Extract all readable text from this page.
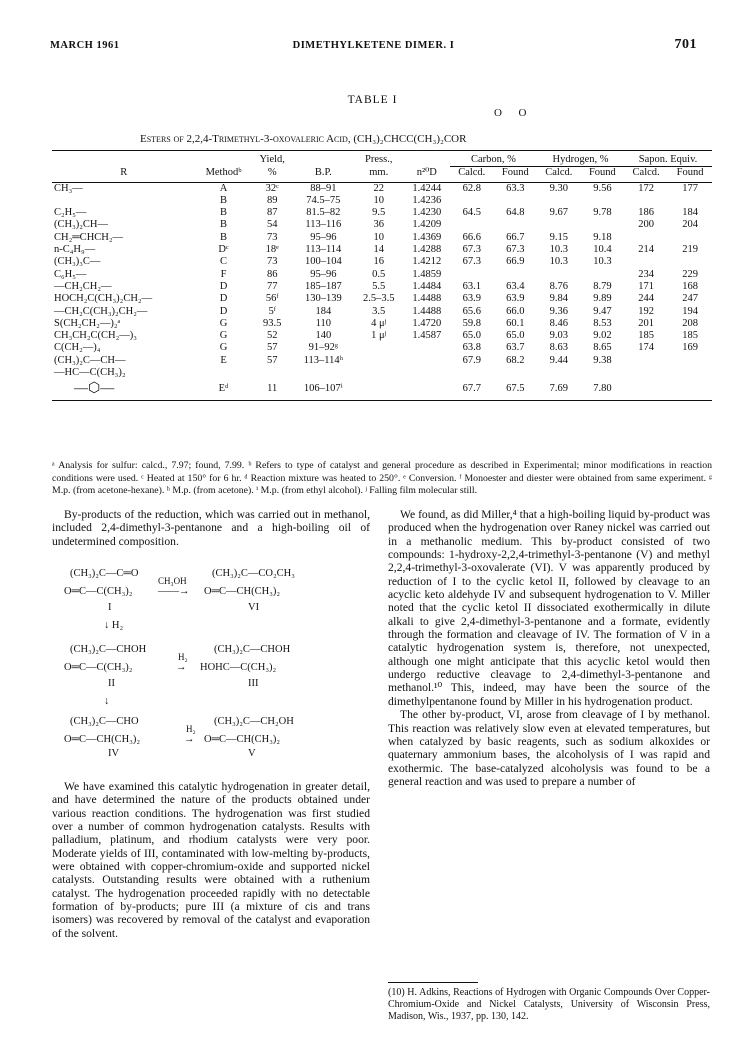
MARCH 1961	DIMETHYLKETENE DIMER. I	701
TABLE I
O      O
Esters of 2,2,4-Trimethyl-3-oxovaleric Acid, (CH₃)₂CHCC(CH₃)₂COR
		Yield,		Press.,		Carbon, %		Hydrogen, %		Sapon. Equiv.	
R	Methodᵇ	%	B.P.	mm.	n²⁰D	Calcd.	Found	Calcd.	Found	Calcd.	Found
CH₃—	A	32ᶜ	88–91	22	1.4244	62.8	63.3	9.30	9.56	172	177
	B	89	74.5–75	10	1.4236						
C₂H₅—	B	87	81.5–82	9.5	1.4230	64.5	64.8	9.67	9.78	186	184
(CH₃)₂CH—	B	54	113–116	36	1.4209					200	204
CH₂═CHCH₂—	B	73	95–96	10	1.4369	66.6	66.7	9.15	9.18		
n-C₄H₉—	Dᶜ	18ᵉ	113–114	14	1.4288	67.3	67.3	10.3	10.4	214	219
(CH₃)₃C—	C	73	100–104	16	1.4212	67.3	66.9	10.3	10.3		
C₆H₅—	F	86	95–96	0.5	1.4859					234	229
—CH₂CH₂—	D	77	185–187	5.5	1.4484	63.1	63.4	8.76	8.79	171	168
HOCH₂C(CH₃)₂CH₂—	D	56ᶠ	130–139	2.5–3.5	1.4488	63.9	63.9	9.84	9.89	244	247
—CH₂C(CH₃)₂CH₂—	D	5ᶠ	184	3.5	1.4488	65.6	66.0	9.36	9.47	192	194
S(CH₂CH₂—)₂ᵃ	G	93.5	110	4 μʲ	1.4720	59.8	60.1	8.46	8.53	201	208
CH₃CH₂C(CH₂—)₃	G	52	140	1 μʲ	1.4587	65.0	65.0	9.03	9.02	185	185
C(CH₂—)₄	G	57	91–92ᵍ			63.8	63.7	8.63	8.65	174	169
(CH₃)₂C—CH—	E	57	113–114ʰ			67.9	68.2	9.44	9.38		
—HC—C(CH₃)₂											

—⬡—	Eᵈ	11	106–107ⁱ			67.7	67.5	7.69	7.80		
ᵃ Analysis for sulfur: calcd., 7.97; found, 7.99. ᵇ Refers to type of catalyst and general procedure as described in Experimental; minor modifications in reaction conditions were used. ᶜ Heated at 150° for 6 hr. ᵈ Reaction mixture was heated to 250°. ᵉ Conversion. ᶠ Monoester and diester were obtained from same experiment. ᵍ M.p. (from acetone-hexane). ʰ M.p. (from acetone). ⁱ M.p. (from ethyl alcohol). ʲ Falling film molecular still.

By-products of the reduction, which was carried out in methanol, included 2,4-dimethyl-3-pentanone and a high-boiling oil of undetermined composition.

We have examined this catalytic hydrogenation in greater detail, and have determined the nature of the products obtained under various reaction conditions. The hydrogenation was first studied over a number of common hydrogenation catalysts. Results with palladium, platinum, and rhodium catalysts were very poor. Moderate yields of III, contaminated with low-melting by-products, were obtained with copper-chromium-oxide and supported nickel catalysts. Outstanding results were obtained with a ruthenium catalyst. The hydrogenation proceeded rapidly with no detectable formation of by-products; pure III (a mixture of cis and trans isomers) was recovered by removal of the catalyst and evaporation of the solvent.

(CH₃)₂C—C═O
O═C—C(CH₃)₂
I
CH₃OH
——→
(CH₃)₂C—CO₂CH₃
O═C—CH(CH₃)₂
VI
↓ H₂
(CH₃)₂C—CHOH
O═C—C(CH₃)₂
II
H₂
→
(CH₃)₂C—CHOH
HOHC—C(CH₃)₂
III
↓
(CH₃)₂C—CHO
O═C—CH(CH₃)₂
IV
H₂
→
(CH₃)₂C—CH₂OH
O═C—CH(CH₃)₂
V

We found, as did Miller,⁴ that a high-boiling liquid by-product was produced when the hydrogenation over Raney nickel was carried out in a methanolic medium. This by-product consisted of two compounds: 1-hydroxy-2,2,4-trimethyl-3-pentanone (V) and methyl 2,2,4-trimethyl-3-oxovalerate (VI). V was apparently produced by reduction of I to the cyclic ketol II, followed by cleavage to an acyclic keto aldehyde IV and subsequent hydrogenation to V. Miller noted that the cyclic ketol II dissociated exothermically in dilute alkali to give 2,4-dimethyl-3-pentanone and a formate, evidently through the formation and cleavage of IV. The formation of V in a catalytic hydrogenation system is, therefore, not unexpected, although one might anticipate that this acyclic ketol would then undergo reductive cleavage to 2,4-dimethyl-3-pentanone and methanol.¹⁰ This, indeed, may have been the source of the dimethylpentanone found by Miller in his hydrogenation product.

The other by-product, VI, arose from cleavage of I by methanol. This reaction was relatively slow even at elevated temperatures, but when catalyzed by basic reagents, such as sodium alkoxides or quaternary ammonium bases, the alcoholysis of I was rapid and exothermic. The base-catalyzed alcoholysis was found to be a general reaction and was used to prepare a number of

(10) H. Adkins, Reactions of Hydrogen with Organic Compounds Over Copper-Chromium-Oxide and Nickel Catalysts, University of Wisconsin Press, Madison, Wis., 1937, pp. 130, 142.
